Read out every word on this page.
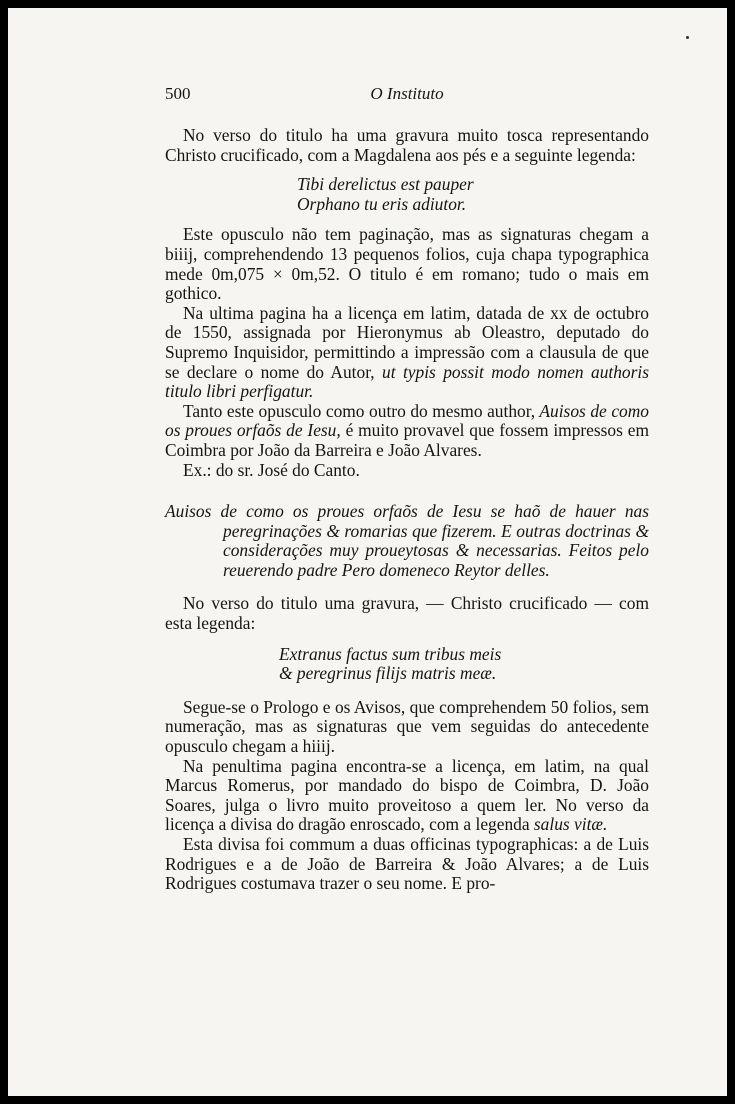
500	O Instituto

No verso do titulo ha uma gravura muito tosca representando Christo crucificado, com a Magdalena aos pés e a seguinte legenda:

Tibi derelictus est pauper
Orphano tu eris adiutor.

Este opusculo não tem paginação, mas as signaturas chegam a biiij, comprehendendo 13 pequenos folios, cuja chapa typographica mede 0m,075 × 0m,52. O titulo é em romano; tudo o mais em gothico.

Na ultima pagina ha a licença em latim, datada de xx de octubro de 1550, assignada por Hieronymus ab Oleastro, deputado do Supremo Inquisidor, permittindo a impressão com a clausula de que se declare o nome do Autor, ut typis possit modo nomen authoris titulo libri perfigatur.

Tanto este opusculo como outro do mesmo author, Auisos de como os proues orfaõs de Iesu, é muito provavel que fossem impressos em Coimbra por João da Barreira e João Alvares.

Ex.: do sr. José do Canto.

Auisos de como os proues orfaõs de Iesu se haõ de hauer nas peregrinações & romarias que fizerem. E outras doctrinas & considerações muy proueytosas & necessarias. Feitos pelo reuerendo padre Pero domeneco Reytor delles.

No verso do titulo uma gravura, — Christo crucificado — com esta legenda:

Extranus factus sum tribus meis
& peregrinus filijs matris meæ.

Segue-se o Prologo e os Avisos, que comprehendem 50 folios, sem numeração, mas as signaturas que vem seguidas do antecedente opusculo chegam a hiiij.

Na penultima pagina encontra-se a licença, em latim, na qual Marcus Romerus, por mandado do bispo de Coimbra, D. João Soares, julga o livro muito proveitoso a quem ler. No verso da licença a divisa do dragão enroscado, com a legenda salus vitæ.

Esta divisa foi commum a duas officinas typographicas: a de Luis Rodrigues e a de João de Barreira & João Alvares; a de Luis Rodrigues costumava trazer o seu nome. E pro-
